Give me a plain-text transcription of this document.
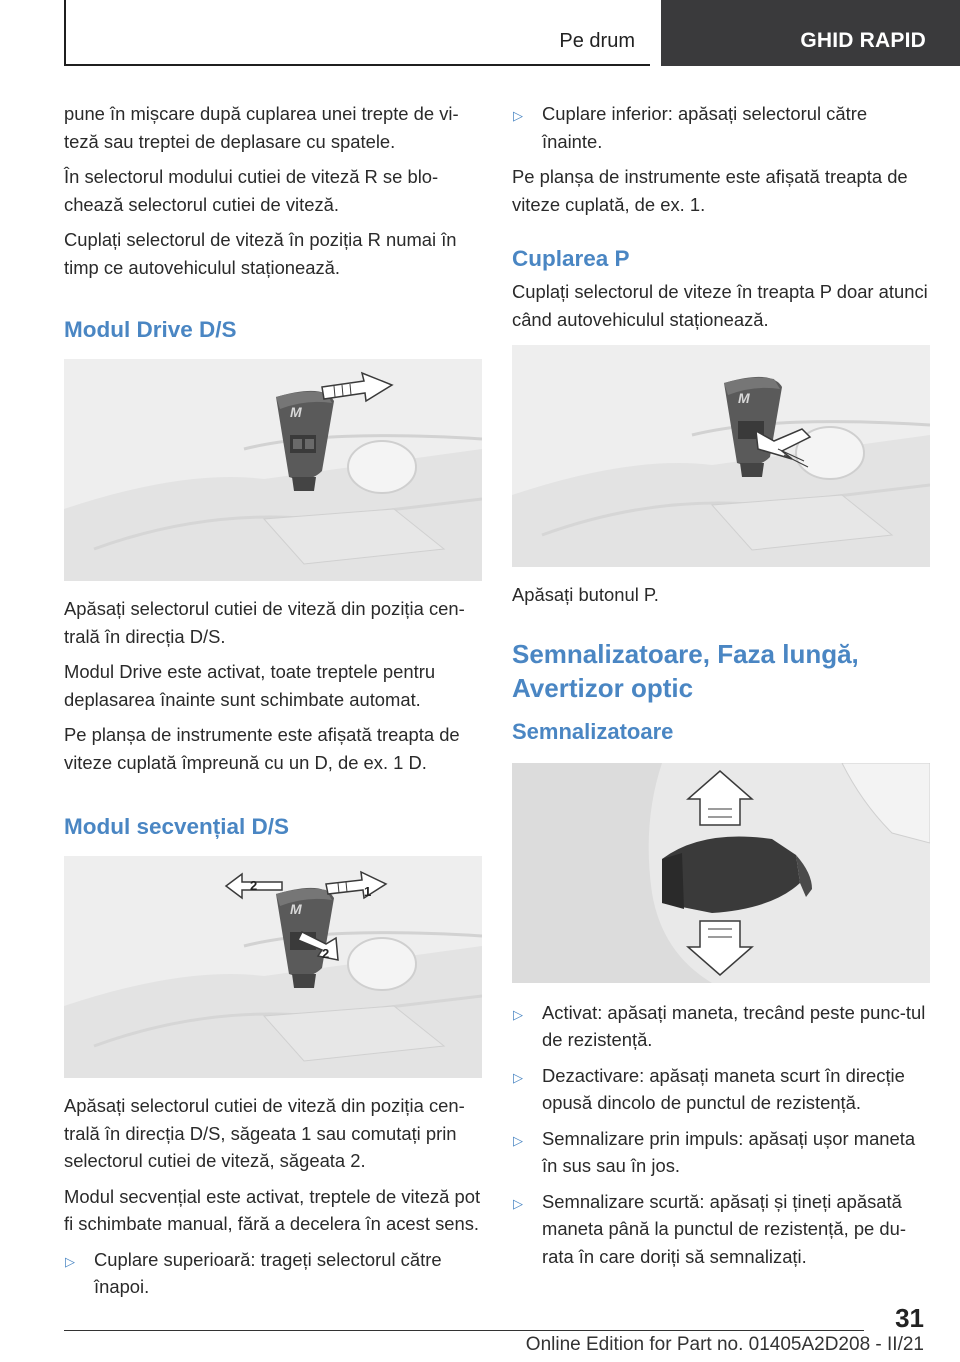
Pe drum	GHID RAPID

pune în mișcare după cuplarea unei trepte de vi-teză sau treptei de deplasare cu spatele.

În selectorul modului cutiei de viteză R se blo-chează selectorul cutiei de viteză.

Cuplați selectorul de viteză în poziția R numai în timp ce autovehiculul staționează.

Modul Drive D/S
M

Apăsați selectorul cutiei de viteză din poziția cen-trală în direcția D/S.

Modul Drive este activat, toate treptele pentru deplasarea înainte sunt schimbate automat.

Pe planșa de instrumente este afișată treapta de viteze cuplată împreună cu un D, de ex. 1 D.

Modul secvențial D/S
M
1
2
2

Apăsați selectorul cutiei de viteză din poziția cen-trală în direcția D/S, săgeata 1 sau comutați prin selectorul cutiei de viteză, săgeata 2.

Modul secvențial este activat, treptele de viteză pot fi schimbate manual, fără a decelera în acest sens.

▷ Cuplare superioară: trageți selectorul către înapoi.
▷ Cuplare inferior: apăsați selectorul către înainte.

Pe planșa de instrumente este afișată treapta de viteze cuplată, de ex. 1.

Cuplarea P

Cuplați selectorul de viteze în treapta P doar atunci când autovehiculul staționează.

M

Apăsați butonul P.

Semnalizatoare, Faza lungă, Avertizor optic
Semnalizatoare
▷ Activat: apăsați maneta, trecând peste punc-tul de rezistență.
▷ Dezactivare: apăsați maneta scurt în direcție opusă dincolo de punctul de rezistență.
▷ Semnalizare prin impuls: apăsați ușor maneta în sus sau în jos.
▷ Semnalizare scurtă: apăsați și țineți apăsată maneta până la punctul de rezistență, pe du-rata în care doriți să semnalizați.
31
Online Edition for Part no. 01405A2D208 - II/21
